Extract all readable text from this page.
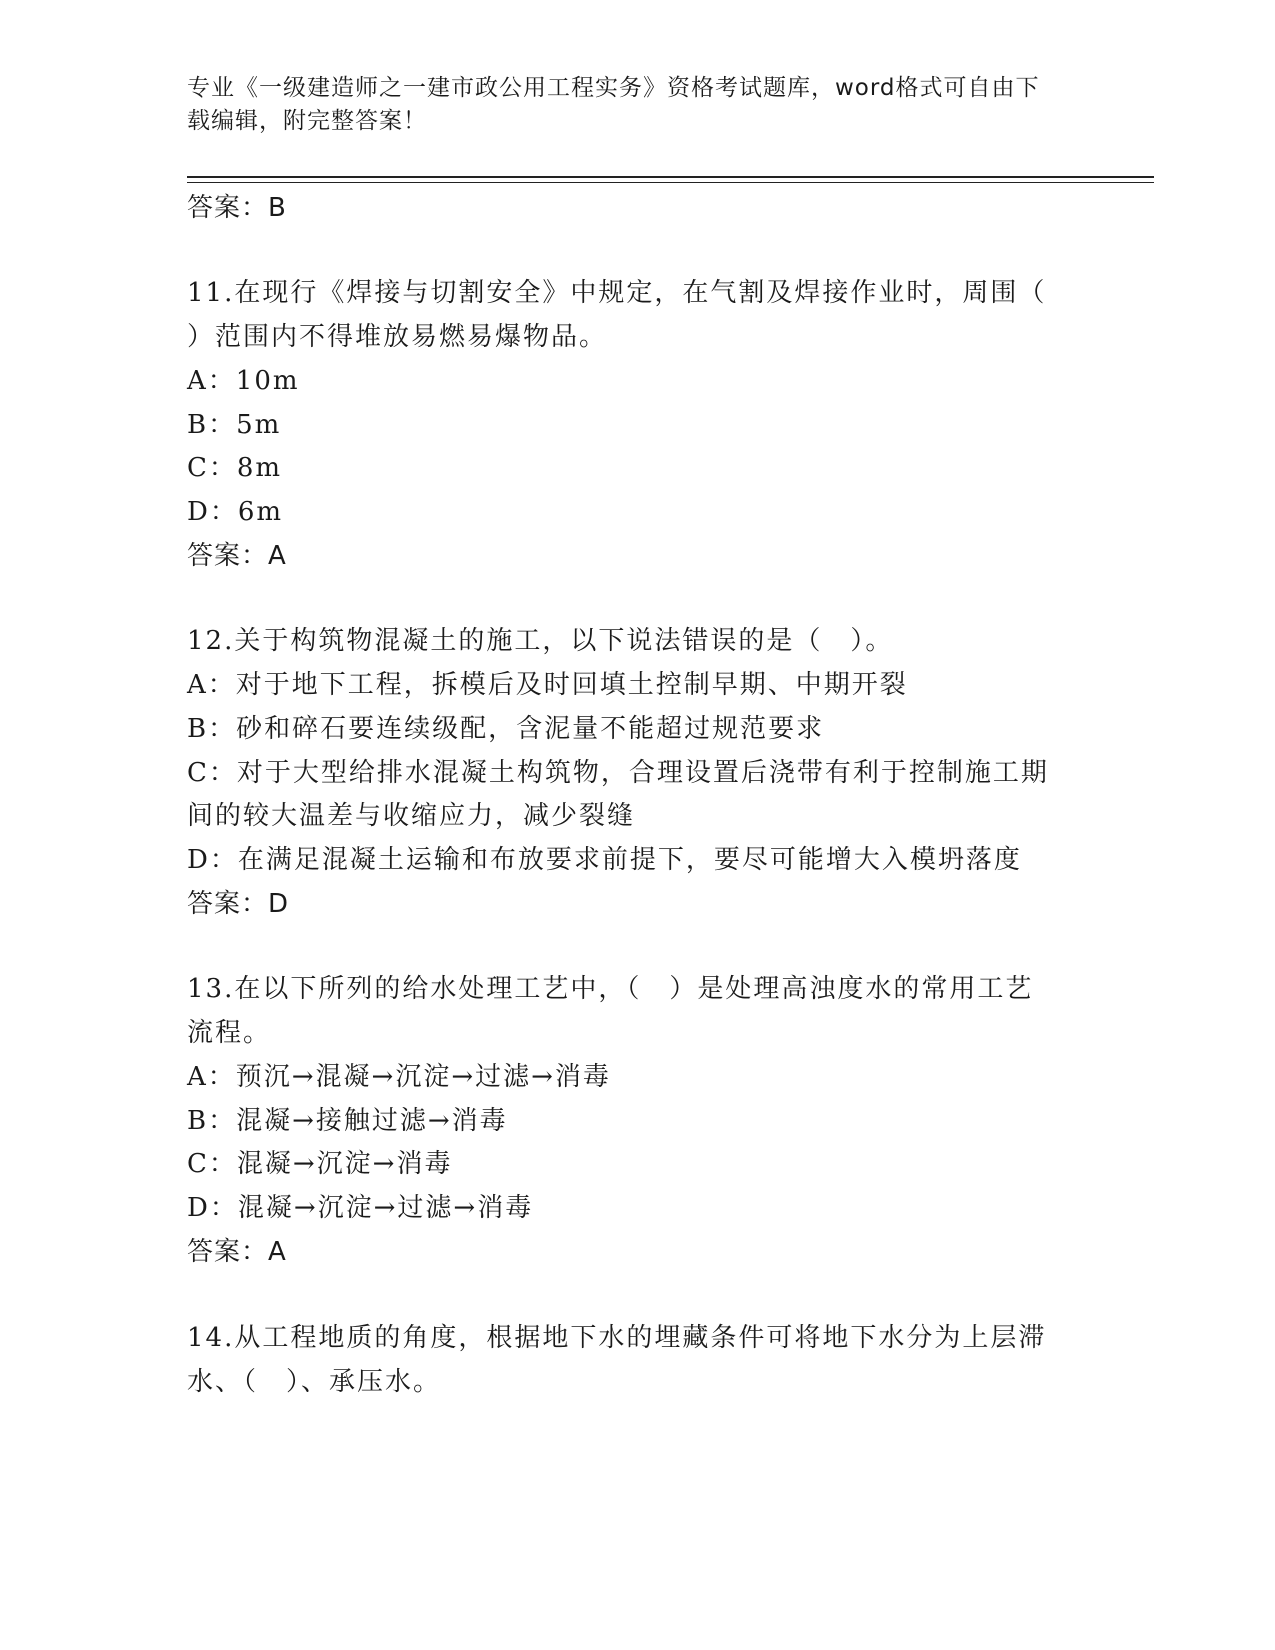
专业《一级建造师之一建市政公用工程实务》资格考试题库，word格式可自由下
载编辑，附完整答案！
答案：B
11.在现行《焊接与切割安全》中规定，在气割及焊接作业时，周围（
）范围内不得堆放易燃易爆物品。
A：10m
B：5m
C：8m
D：6m
答案：A
12.关于构筑物混凝土的施工，以下说法错误的是（　）。
A：对于地下工程，拆模后及时回填土控制早期、中期开裂
B：砂和碎石要连续级配，含泥量不能超过规范要求
C：对于大型给排水混凝土构筑物，合理设置后浇带有利于控制施工期
间的较大温差与收缩应力，减少裂缝
D：在满足混凝土运输和布放要求前提下，要尽可能增大入模坍落度
答案：D
13.在以下所列的给水处理工艺中，（　）是处理高浊度水的常用工艺
流程。
A：预沉→混凝→沉淀→过滤→消毒
B：混凝→接触过滤→消毒
C：混凝→沉淀→消毒
D：混凝→沉淀→过滤→消毒
答案：A
14.从工程地质的角度，根据地下水的埋藏条件可将地下水分为上层滞
水、（　）、承压水。
